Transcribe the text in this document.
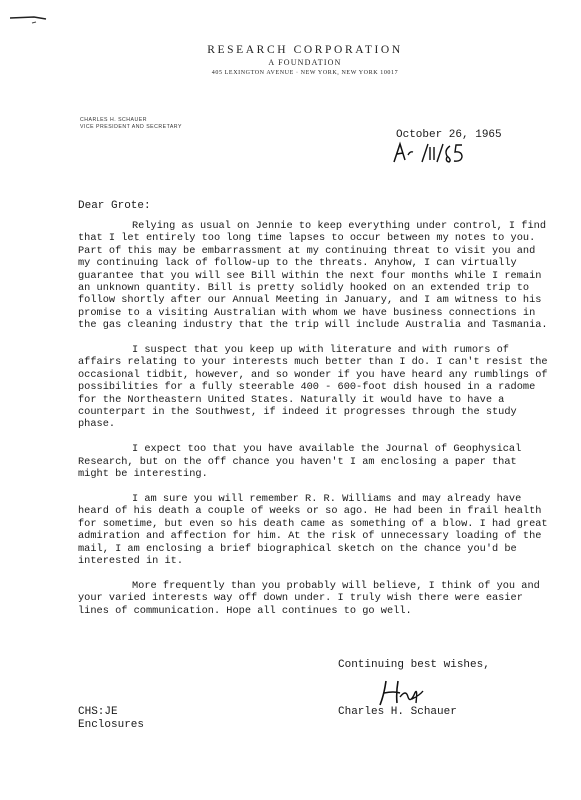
RESEARCH CORPORATION
A FOUNDATION
405 LEXINGTON AVENUE · NEW YORK, NEW YORK 10017
CHARLES H. SCHAUER
VICE PRESIDENT AND SECRETARY
October 26, 1965
Dear Grote:

Relying as usual on Jennie to keep everything under control, I find that I let entirely too long time lapses to occur between my notes to you. Part of this may be embarrassment at my continuing threat to visit you and my continuing lack of follow-up to the threats. Anyhow, I can virtually guarantee that you will see Bill within the next four months while I remain an unknown quantity. Bill is pretty solidly hooked on an extended trip to follow shortly after our Annual Meeting in January, and I am witness to his promise to a visiting Australian with whom we have business connections in the gas cleaning industry that the trip will include Australia and Tasmania.

I suspect that you keep up with literature and with rumors of affairs relating to your interests much better than I do. I can't resist the occasional tidbit, however, and so wonder if you have heard any rumblings of possibilities for a fully steerable 400 - 600-foot dish housed in a radome for the Northeastern United States. Naturally it would have to have a counterpart in the Southwest, if indeed it progresses through the study phase.

I expect too that you have available the Journal of Geophysical Research, but on the off chance you haven't I am enclosing a paper that might be interesting.

I am sure you will remember R. R. Williams and may already have heard of his death a couple of weeks or so ago. He had been in frail health for sometime, but even so his death came as something of a blow. I had great admiration and affection for him. At the risk of unnecessary loading of the mail, I am enclosing a brief biographical sketch on the chance you'd be interested in it.

More frequently than you probably will believe, I think of you and your varied interests way off down under. I truly wish there were easier lines of communication. Hope all continues to go well.

Continuing best wishes,
Charles H. Schauer
CHS:JE
Enclosures
